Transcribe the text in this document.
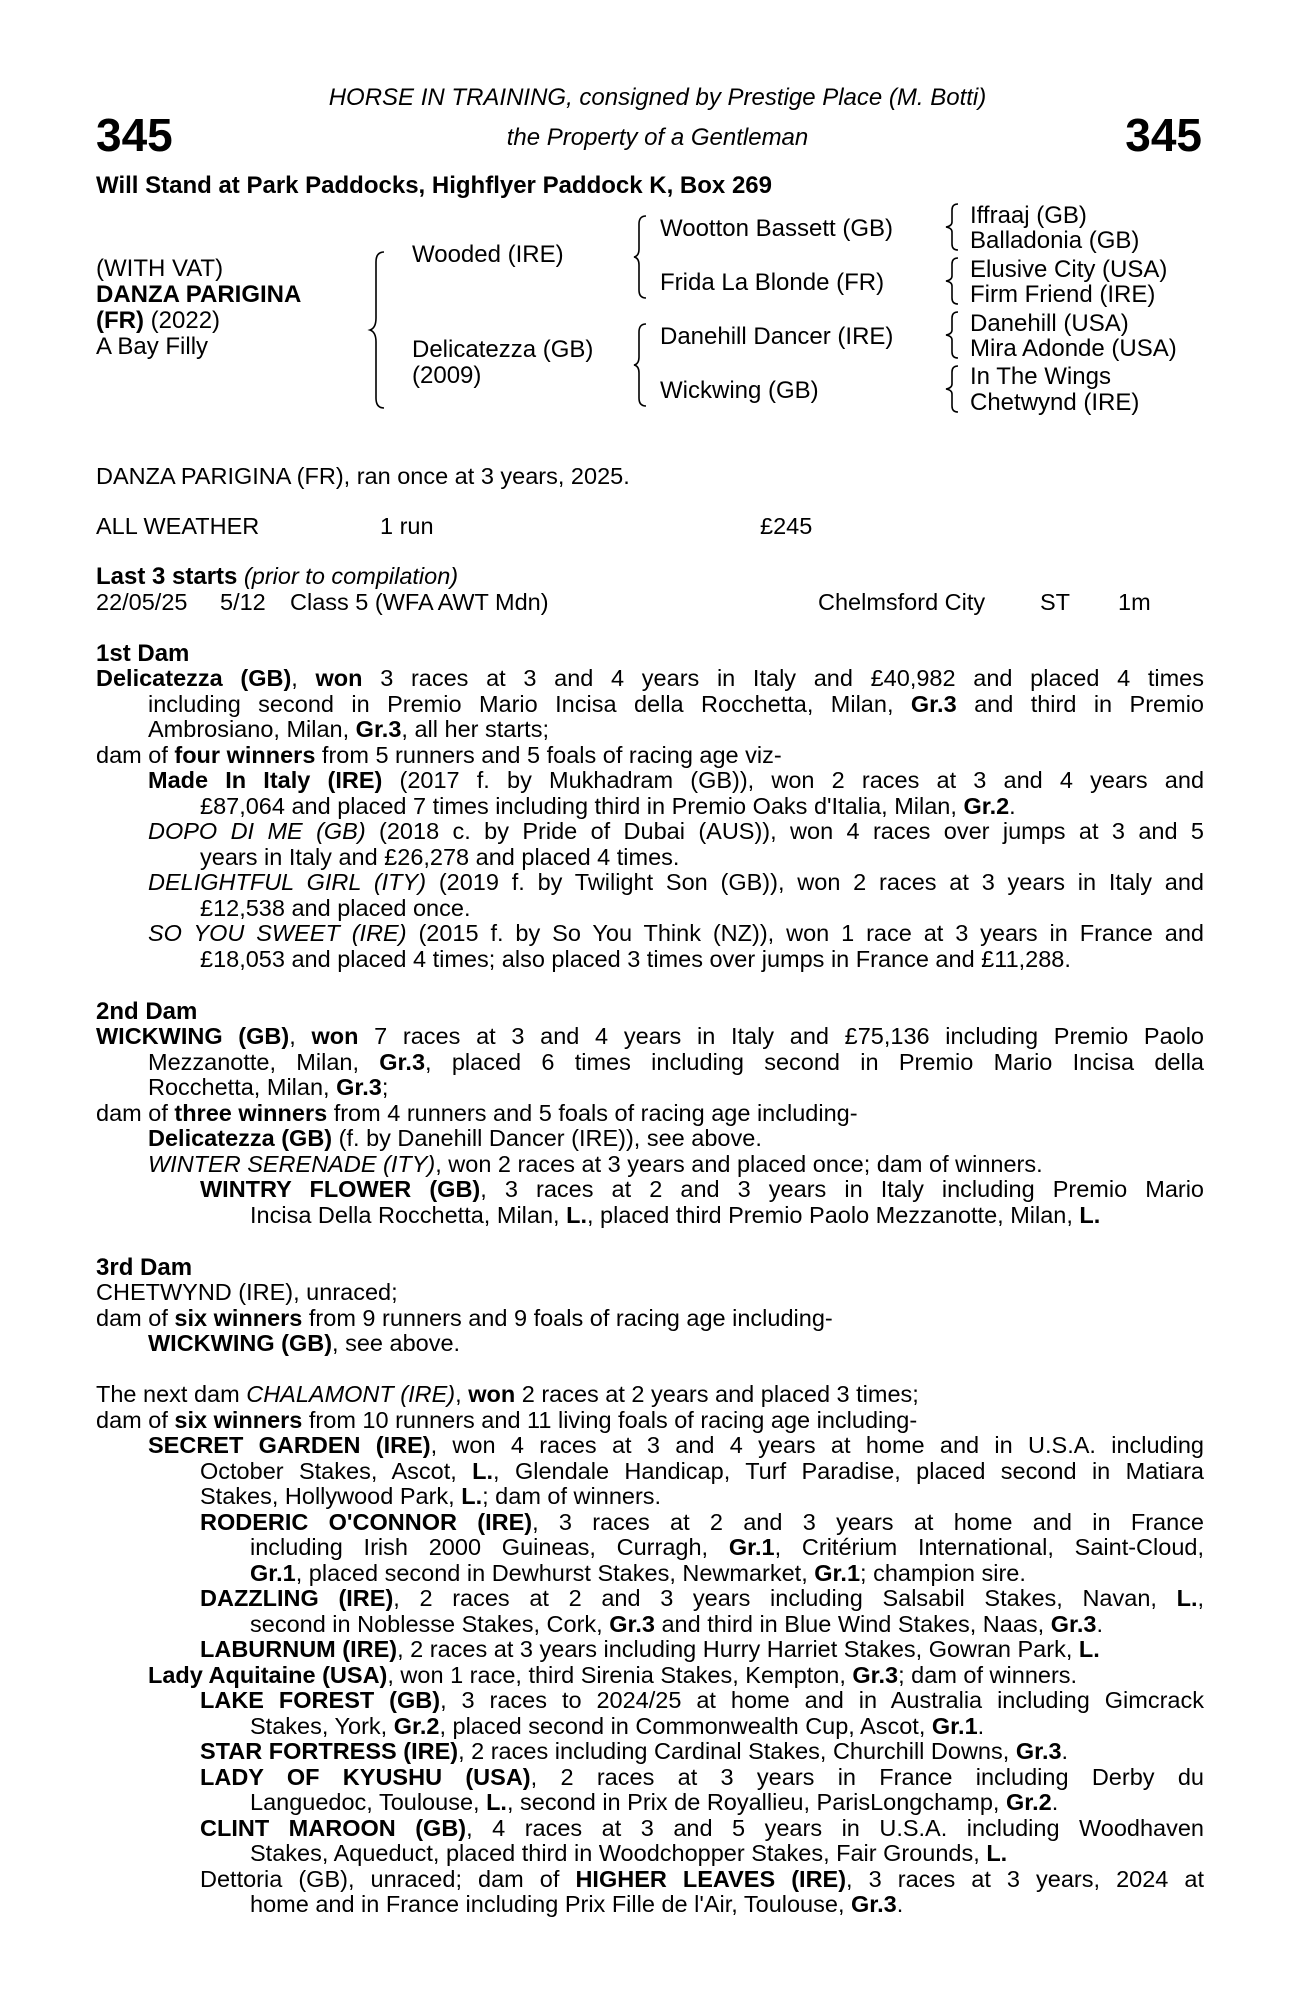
345	345
HORSE IN TRAINING, consigned by Prestige Place (M. Botti)
the Property of a Gentleman
Will Stand at Park Paddocks, Highflyer Paddock K, Box 269
(WITH VAT)
DANZA PARIGINA
(FR) (2022)
A Bay Filly
Wooded (IRE)
Delicatezza (GB)
(2009)
Wootton Bassett (GB)
Frida La Blonde (FR)
Danehill Dancer (IRE)
Wickwing (GB)
Iffraaj (GB)
Balladonia (GB)
Elusive City (USA)
Firm Friend (IRE)
Danehill (USA)
Mira Adonde (USA)
In The Wings
Chetwynd (IRE)
DANZA PARIGINA (FR), ran once at 3 years, 2025.
ALL WEATHER	1 run	£245
Last 3 starts (prior to compilation)
22/05/25 5/12 Class 5 (WFA AWT Mdn)	Chelmsford City ST 1m
1st Dam
Delicatezza (GB), won 3 races at 3 and 4 years in Italy and £40,982 and placed 4 times
including second in Premio Mario Incisa della Rocchetta, Milan, Gr.3 and third in Premio
Ambrosiano, Milan, Gr.3, all her starts;
dam of four winners from 5 runners and 5 foals of racing age viz-
Made In Italy (IRE) (2017 f. by Mukhadram (GB)), won 2 races at 3 and 4 years and
£87,064 and placed 7 times including third in Premio Oaks d'Italia, Milan, Gr.2.
DOPO DI ME (GB) (2018 c. by Pride of Dubai (AUS)), won 4 races over jumps at 3 and 5
years in Italy and £26,278 and placed 4 times.
DELIGHTFUL GIRL (ITY) (2019 f. by Twilight Son (GB)), won 2 races at 3 years in Italy and
£12,538 and placed once.
SO YOU SWEET (IRE) (2015 f. by So You Think (NZ)), won 1 race at 3 years in France and
£18,053 and placed 4 times; also placed 3 times over jumps in France and £11,288.
2nd Dam
WICKWING (GB), won 7 races at 3 and 4 years in Italy and £75,136 including Premio Paolo
Mezzanotte, Milan, Gr.3, placed 6 times including second in Premio Mario Incisa della
Rocchetta, Milan, Gr.3;
dam of three winners from 4 runners and 5 foals of racing age including-
Delicatezza (GB) (f. by Danehill Dancer (IRE)), see above.
WINTER SERENADE (ITY), won 2 races at 3 years and placed once; dam of winners.
WINTRY FLOWER (GB), 3 races at 2 and 3 years in Italy including Premio Mario
Incisa Della Rocchetta, Milan, L., placed third Premio Paolo Mezzanotte, Milan, L.
3rd Dam
CHETWYND (IRE), unraced;
dam of six winners from 9 runners and 9 foals of racing age including-
WICKWING (GB), see above.
The next dam CHALAMONT (IRE), won 2 races at 2 years and placed 3 times;
dam of six winners from 10 runners and 11 living foals of racing age including-
SECRET GARDEN (IRE), won 4 races at 3 and 4 years at home and in U.S.A. including
October Stakes, Ascot, L., Glendale Handicap, Turf Paradise, placed second in Matiara
Stakes, Hollywood Park, L.; dam of winners.
RODERIC O'CONNOR (IRE), 3 races at 2 and 3 years at home and in France
including Irish 2000 Guineas, Curragh, Gr.1, Critérium International, Saint-Cloud,
Gr.1, placed second in Dewhurst Stakes, Newmarket, Gr.1; champion sire.
DAZZLING (IRE), 2 races at 2 and 3 years including Salsabil Stakes, Navan, L.,
second in Noblesse Stakes, Cork, Gr.3 and third in Blue Wind Stakes, Naas, Gr.3.
LABURNUM (IRE), 2 races at 3 years including Hurry Harriet Stakes, Gowran Park, L.
Lady Aquitaine (USA), won 1 race, third Sirenia Stakes, Kempton, Gr.3; dam of winners.
LAKE FOREST (GB), 3 races to 2024/25 at home and in Australia including Gimcrack
Stakes, York, Gr.2, placed second in Commonwealth Cup, Ascot, Gr.1.
STAR FORTRESS (IRE), 2 races including Cardinal Stakes, Churchill Downs, Gr.3.
LADY OF KYUSHU (USA), 2 races at 3 years in France including Derby du
Languedoc, Toulouse, L., second in Prix de Royallieu, ParisLongchamp, Gr.2.
CLINT MAROON (GB), 4 races at 3 and 5 years in U.S.A. including Woodhaven
Stakes, Aqueduct, placed third in Woodchopper Stakes, Fair Grounds, L.
Dettoria (GB), unraced; dam of HIGHER LEAVES (IRE), 3 races at 3 years, 2024 at
home and in France including Prix Fille de l'Air, Toulouse, Gr.3.
